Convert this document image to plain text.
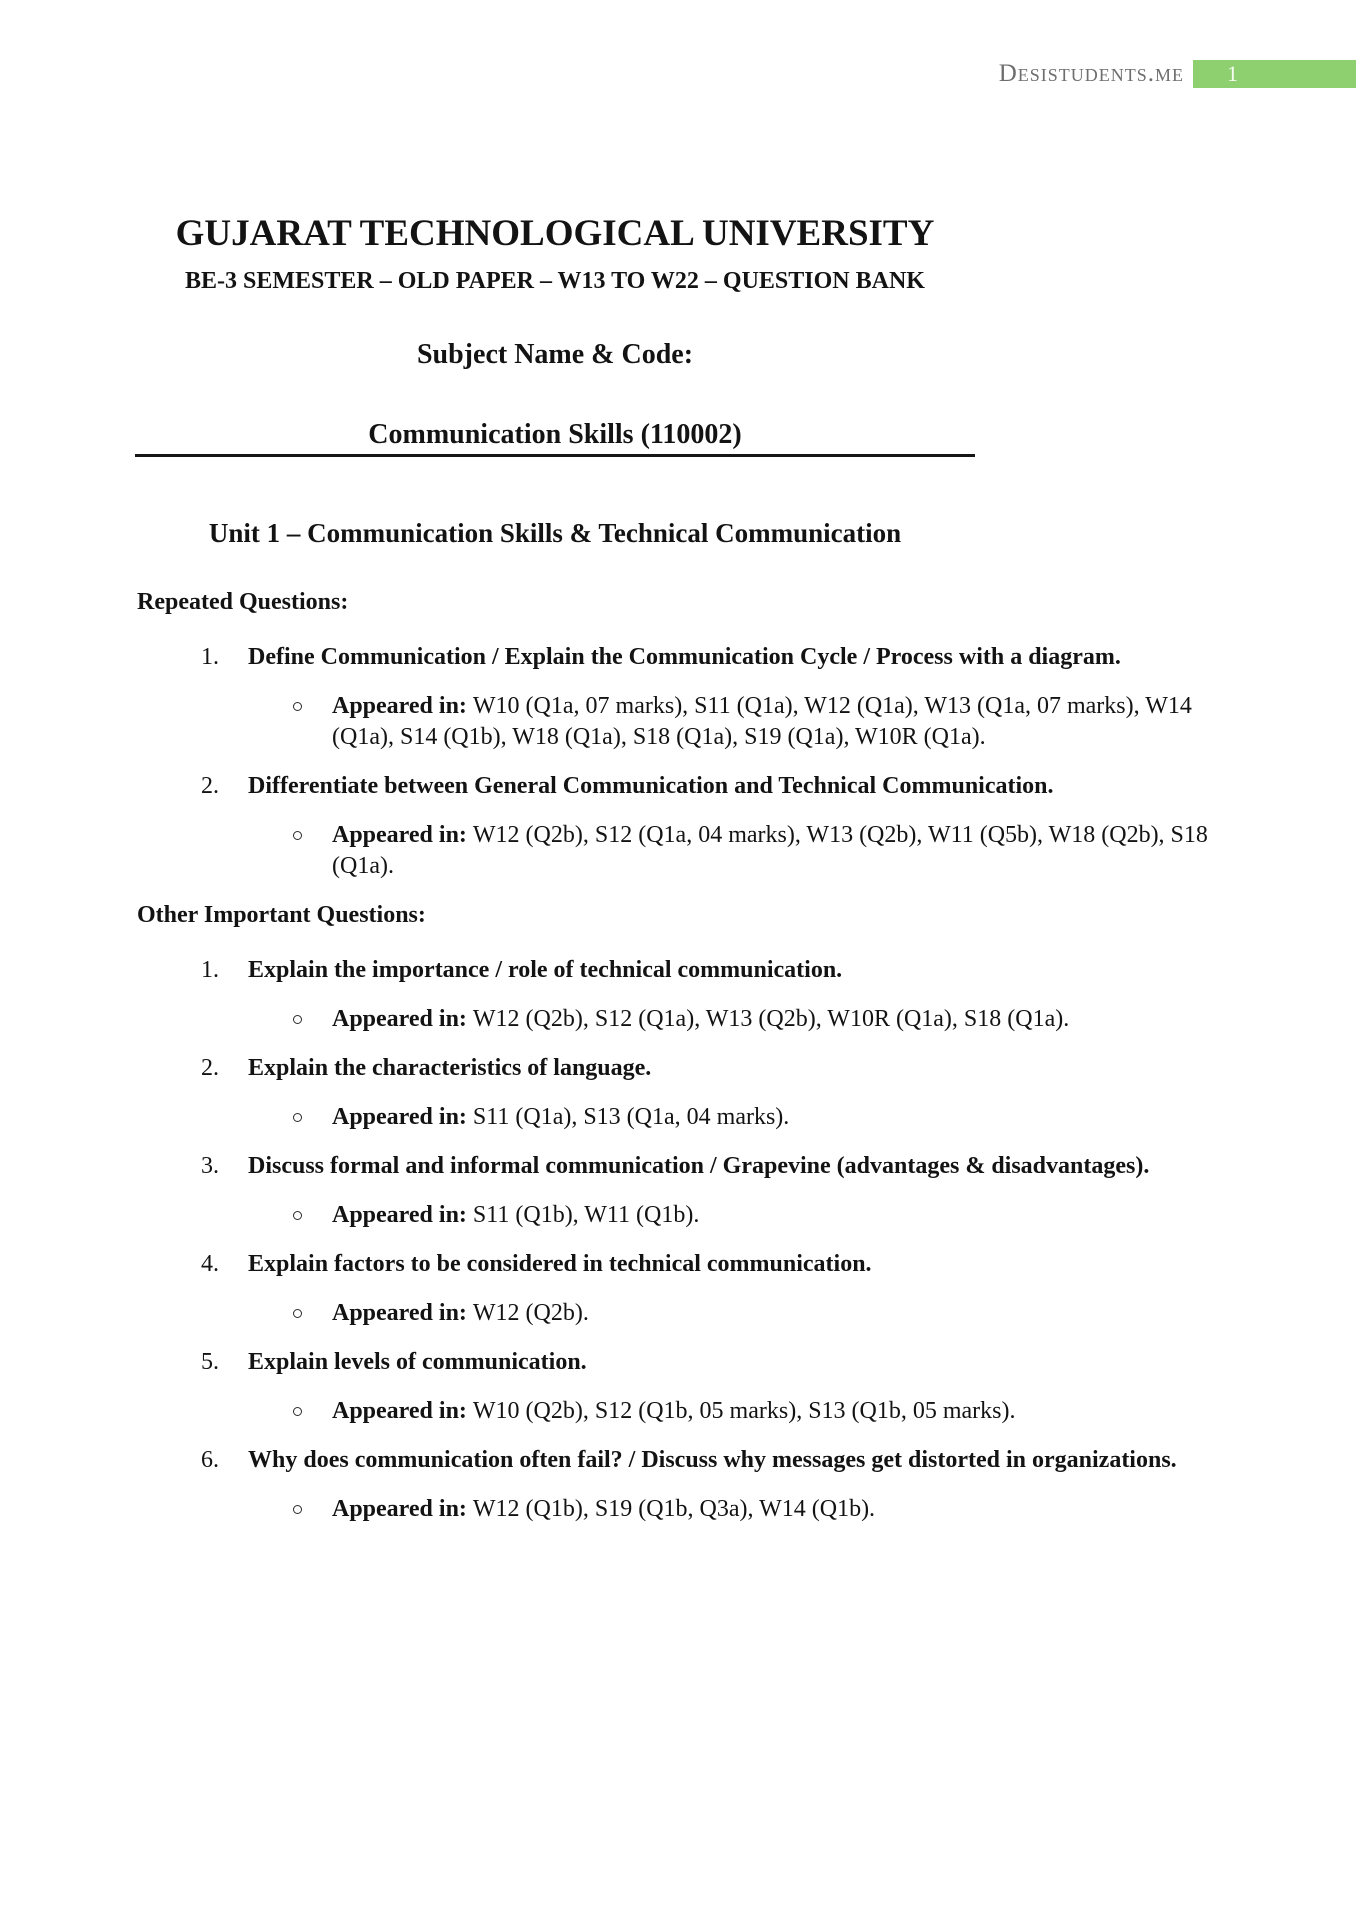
Desistudents.me 1
GUJARAT TECHNOLOGICAL UNIVERSITY
BE-3 SEMESTER – OLD PAPER – W13 TO W22 – QUESTION BANK
Subject Name & Code:
Communication Skills (110002)
Unit 1 – Communication Skills & Technical Communication
Repeated Questions:
1. Define Communication / Explain the Communication Cycle / Process with a diagram.
Appeared in: W10 (Q1a, 07 marks), S11 (Q1a), W12 (Q1a), W13 (Q1a, 07 marks), W14 (Q1a), S14 (Q1b), W18 (Q1a), S18 (Q1a), S19 (Q1a), W10R (Q1a).
2. Differentiate between General Communication and Technical Communication.
Appeared in: W12 (Q2b), S12 (Q1a, 04 marks), W13 (Q2b), W11 (Q5b), W18 (Q2b), S18 (Q1a).
Other Important Questions:
1. Explain the importance / role of technical communication.
Appeared in: W12 (Q2b), S12 (Q1a), W13 (Q2b), W10R (Q1a), S18 (Q1a).
2. Explain the characteristics of language.
Appeared in: S11 (Q1a), S13 (Q1a, 04 marks).
3. Discuss formal and informal communication / Grapevine (advantages & disadvantages).
Appeared in: S11 (Q1b), W11 (Q1b).
4. Explain factors to be considered in technical communication.
Appeared in: W12 (Q2b).
5. Explain levels of communication.
Appeared in: W10 (Q2b), S12 (Q1b, 05 marks), S13 (Q1b, 05 marks).
6. Why does communication often fail? / Discuss why messages get distorted in organizations.
Appeared in: W12 (Q1b), S19 (Q1b, Q3a), W14 (Q1b).
